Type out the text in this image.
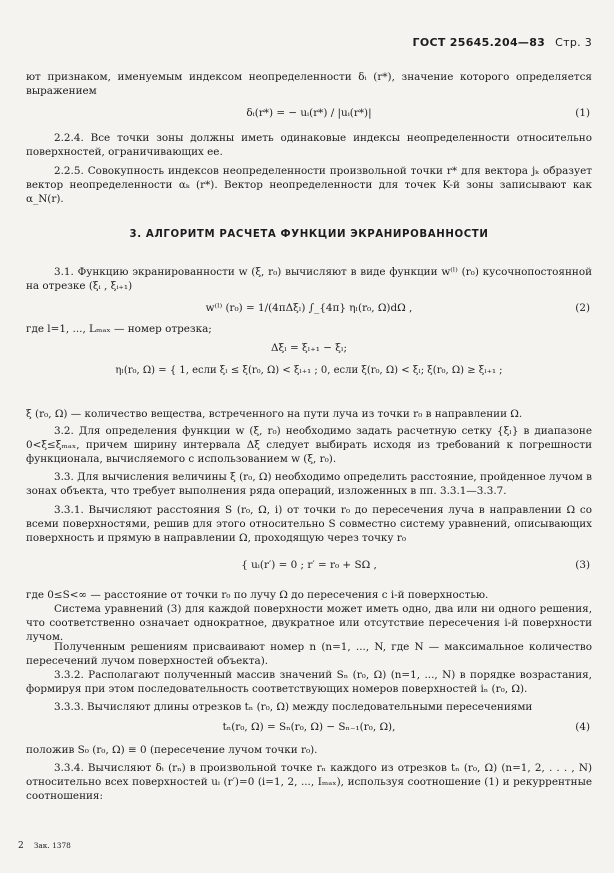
ГОСТ 25645.204—83 Стр. 3

ют признаком, именуемым индексом неопределенности δᵢ (r*), значение которого определяется выражением

δᵢ(r*) = − uᵢ(r*) / |uᵢ(r*)|	(1)

2.2.4. Все точки зоны должны иметь одинаковые индексы неопределенности относительно поверхностей, ограничивающих ее.

2.2.5. Совокупность индексов неопределенности произвольной точки r* для вектора jₖ образует вектор неопределенности αₖ (r*). Вектор неопределенности для точек K-й зоны записывают как α_N(r).

3. АЛГОРИТМ РАСЧЕТА ФУНКЦИИ ЭКРАНИРОВАННОСТИ

3.1. Функцию экранированности w (ξ, r₀) вычисляют в виде функции w⁽ˡ⁾ (r₀) кусочнопостоянной на отрезке (ξᵢ , ξᵢ₊₁)

w⁽ˡ⁾ (r₀) = 1/(4πΔξₗ) ∫_{4π} ηₗ(r₀, Ω)dΩ ,	(2)

где l=1, ..., Lₘₐₓ — номер отрезка;

Δξₗ = ξₗ₊₁ − ξₗ;

ηₗ(r₀, Ω) = { 1, если ξₗ ≤ ξ(r₀, Ω) < ξₗ₊₁ ; 0, если ξ(r₀, Ω) < ξₗ; ξ(r₀, Ω) ≥ ξₗ₊₁ ;

ξ (r₀, Ω) — количество вещества, встреченного на пути луча из точки r₀ в направлении Ω.

3.2. Для определения функции w (ξ, r₀) необходимо задать расчетную сетку {ξₗ} в диапазоне 0<ξ≤ξₘₐₓ, причем ширину интервала Δξ следует выбирать исходя из требований к погрешности функционала, вычисляемого с использованием w (ξ, r₀).

3.3. Для вычисления величины ξ (r₀, Ω) необходимо определить расстояние, пройденное лучом в зонах объекта, что требует выполнения ряда операций, изложенных в пп. 3.3.1—3.3.7.

3.3.1. Вычисляют расстояния S (r₀, Ω, i) от точки r₀ до пересечения луча в направлении Ω со всеми поверхностями, решив для этого относительно S совместно систему уравнений, описывающих поверхность и прямую в направлении Ω, проходящую через точку r₀

{ uᵢ(r′) = 0 ; r′ = r₀ + SΩ ,	(3)

где 0≤S<∞ — расстояние от точки r₀ по лучу Ω до пересечения с i-й поверхностью.

Система уравнений (3) для каждой поверхности может иметь одно, два или ни одного решения, что соответственно означает однократное, двукратное или отсутствие пересечения i-й поверхности лучом.

Полученным решениям присваивают номер n (n=1, ..., N, где N — максимальное количество пересечений лучом поверхностей объекта).

3.3.2. Располагают полученный массив значений Sₙ (r₀, Ω) (n=1, ..., N) в порядке возрастания, формируя при этом последовательность соответствующих номеров поверхностей iₙ (r₀, Ω).

3.3.3. Вычисляют длины отрезков tₙ (r₀, Ω) между последовательными пересечениями

tₙ(r₀, Ω) = Sₙ(r₀, Ω) − Sₙ₋₁(r₀, Ω),	(4)

положив S₀ (r₀, Ω) ≡ 0 (пересечение лучом точки r₀).

3.3.4. Вычисляют δᵢ (rₙ) в произвольной точке rₙ каждого из отрезков tₙ (r₀, Ω) (n=1, 2, . . . , N) относительно всех поверхностей uᵢ (r′)=0 (i=1, 2, ..., Iₘₐₓ), используя соотношение (1) и рекуррентные соотношения:

2 Зак. 1378
